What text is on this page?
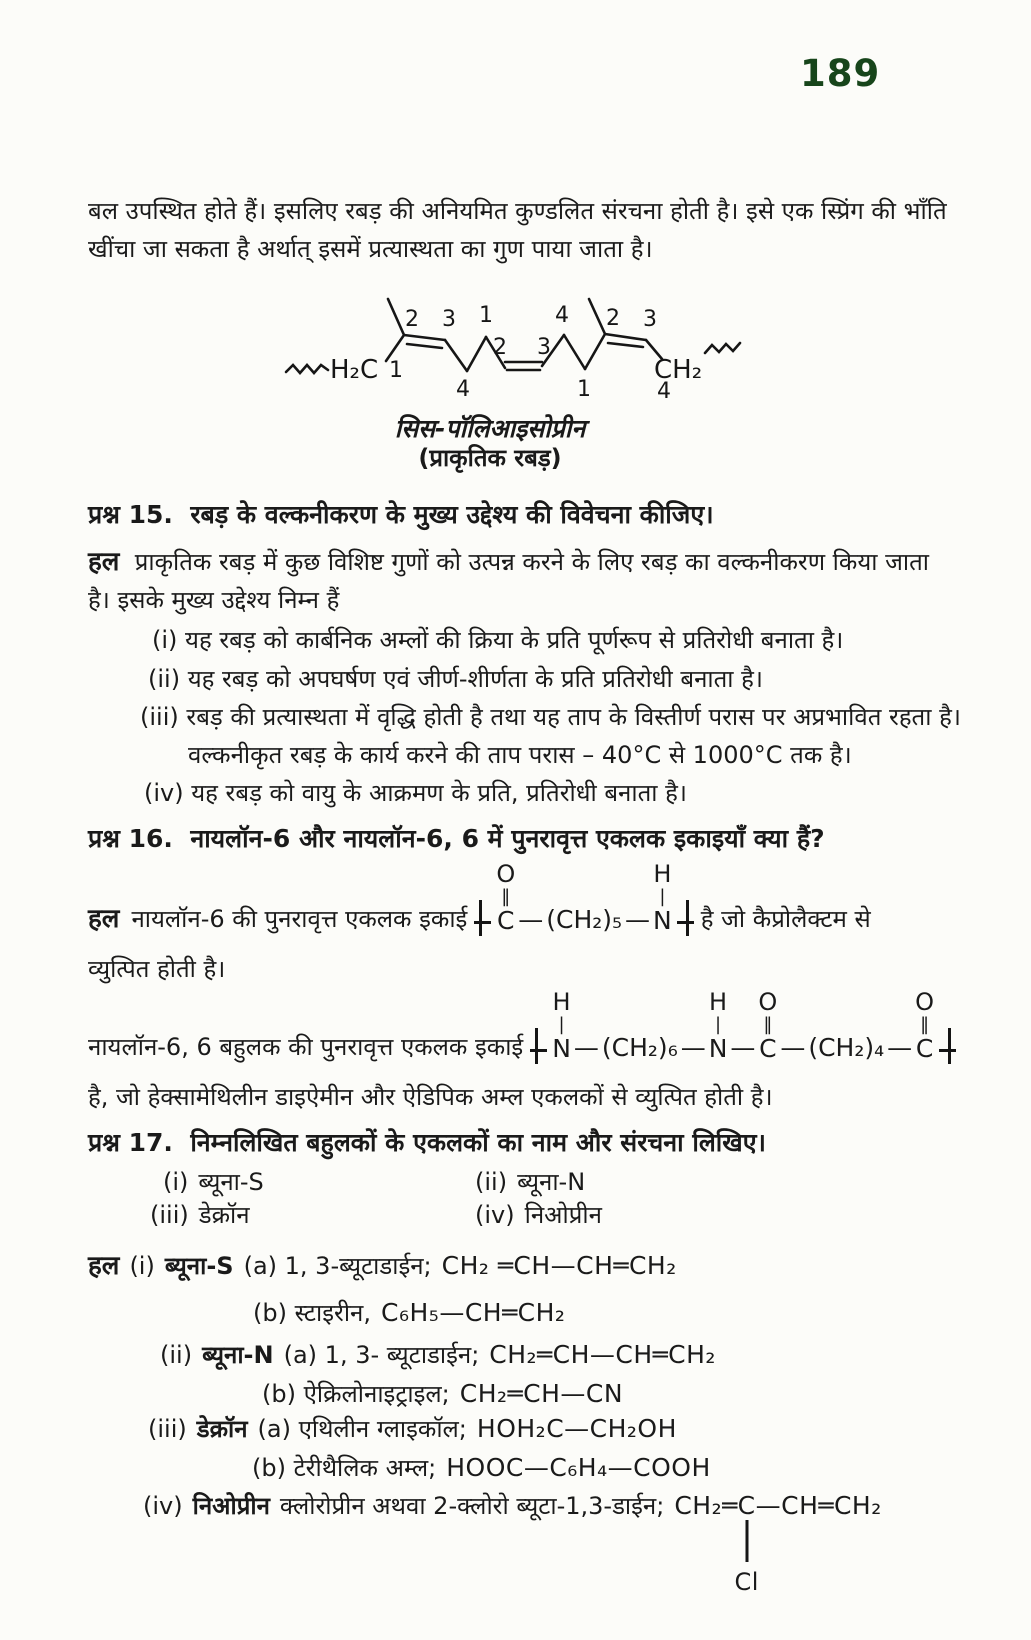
189
बल उपस्थित होते हैं। इसलिए रबड़ की अनियमित कुण्डलित संरचना होती है। इसे एक स्प्रिंग की भाँति खींचा जा सकता है अर्थात् इसमें प्रत्यास्थता का गुण पाया जाता है।
H₂C	CH₂
1
2 3
4
1
2 3
4
1
2 3
4
सिस-पॉलिआइसोप्रीन
(प्राकृतिक रबड़)
प्रश्न 15. रबड़ के वल्कनीकरण के मुख्य उद्देश्य की विवेचना कीजिए।
हल प्राकृतिक रबड़ में कुछ विशिष्ट गुणों को उत्पन्न करने के लिए रबड़ का वल्कनीकरण किया जाता है। इसके मुख्य उद्देश्य निम्न हैं
(i) यह रबड़ को कार्बनिक अम्लों की क्रिया के प्रति पूर्णरूप से प्रतिरोधी बनाता है।
(ii) यह रबड़ को अपघर्षण एवं जीर्ण-शीर्णता के प्रति प्रतिरोधी बनाता है।
(iii) रबड़ की प्रत्यास्थता में वृद्धि होती है तथा यह ताप के विस्तीर्ण परास पर अप्रभावित रहता है। वल्कनीकृत रबड़ के कार्य करने की ताप परास – 40°C से 1000°C तक है।
(iv) यह रबड़ को वायु के आक्रमण के प्रति, प्रतिरोधी बनाता है।
प्रश्न 16. नायलॉन-6 और नायलॉन-6, 6 में पुनरावृत्त एकलक इकाइयाँ क्या हैं?
हल नायलॉन-6 की पुनरावृत्त एकलक इकाई
O
‖
C — (CH₂)₅ —
H
|
N है जो कैप्रोलैक्टम से
व्युत्पित होती है।
नायलॉन-6, 6 बहुलक की पुनरावृत्त एकलक इकाई
H
|
N — (CH₂)₆ —
H
|
N —
O
‖
C — (CH₂)₄ —
O
‖
C
है, जो हेक्सामेथिलीन डाइऐमीन और ऐडिपिक अम्ल एकलकों से व्युत्पित होती है।
प्रश्न 17. निम्नलिखित बहुलकों के एकलकों का नाम और संरचना लिखिए।
(i) ब्यूना-S	(ii) ब्यूना-N
(iii) डेक्रॉन	(iv) निओप्रीन
हल (i) ब्यूना-S (a) 1, 3-ब्यूटाडाईन; CH₂ ═CH—CH═CH₂
(b) स्टाइरीन, C₆H₅—CH═CH₂
(ii) ब्यूना-N (a) 1, 3- ब्यूटाडाईन; CH₂═CH—CH═CH₂
(b) ऐक्रिलोनाइट्राइल; CH₂═CH—CN
(iii) डेक्रॉन (a) एथिलीन ग्लाइकॉल; HOH₂C—CH₂OH
(b) टेरीथैलिक अम्ल; HOOC—C₆H₄—COOH
(iv) निओप्रीन क्लोरोप्रीन अथवा 2-क्लोरो ब्यूटा-1,3-डाईन; CH₂═C
Cl
—CH═CH₂
